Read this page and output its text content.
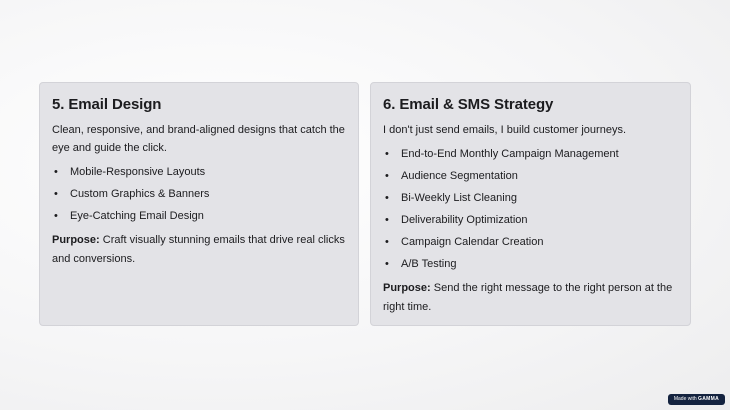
5. Email Design

Clean, responsive, and brand-aligned designs that catch the eye and guide the click.

• Mobile-Responsive Layouts
• Custom Graphics & Banners
• Eye-Catching Email Design

Purpose: Craft visually stunning emails that drive real clicks and conversions.

6. Email & SMS Strategy

I don't just send emails, I build customer journeys.

• End-to-End Monthly Campaign Management
• Audience Segmentation
• Bi-Weekly List Cleaning
• Deliverability Optimization
• Campaign Calendar Creation
• A/B Testing

Purpose: Send the right message to the right person at the right time.

Made with GAMMA
